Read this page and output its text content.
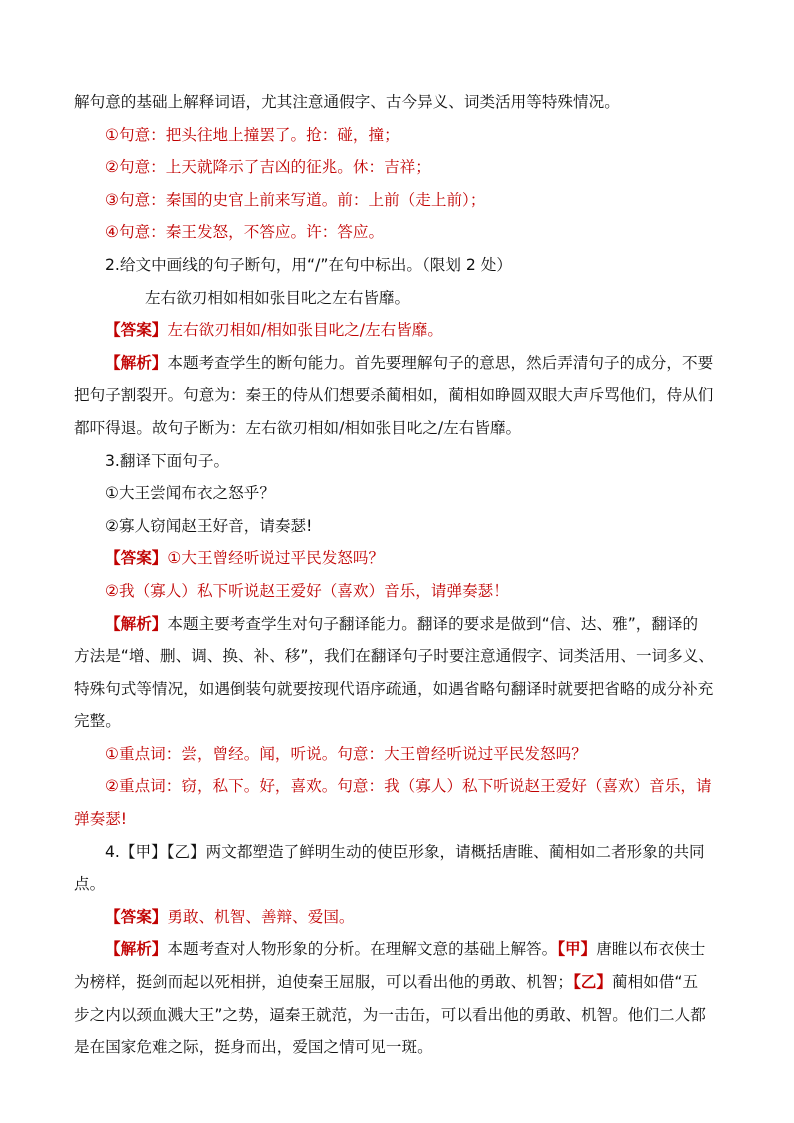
解句意的基础上解释词语，尤其注意通假字、古今异义、词类活用等特殊情况。
①句意：把头往地上撞罢了。抢：碰，撞；
②句意：上天就降示了吉凶的征兆。休：吉祥；
③句意：秦国的史官上前来写道。前：上前（走上前）；
④句意：秦王发怒，不答应。许：答应。
2.给文中画线的句子断句，用“/”在句中标出。（限划 2 处）
左右欲刃相如相如张目叱之左右皆靡。
【答案】左右欲刃相如/相如张目叱之/左右皆靡。
【解析】本题考查学生的断句能力。首先要理解句子的意思，然后弄清句子的成分，不要
把句子割裂开。句意为：秦王的侍从们想要杀蔺相如，蔺相如睁圆双眼大声斥骂他们，侍从们
都吓得退。故句子断为：左右欲刃相如/相如张目叱之/左右皆靡。
3.翻译下面句子。
①大王尝闻布衣之怒乎？
②寡人窃闻赵王好音，请奏瑟!
【答案】①大王曾经听说过平民发怒吗？
②我（寡人）私下听说赵王爱好（喜欢）音乐，请弹奏瑟！
【解析】本题主要考查学生对句子翻译能力。翻译的要求是做到“信、达、雅”，翻译的
方法是“增、删、调、换、补、移”，我们在翻译句子时要注意通假字、词类活用、一词多义、
特殊句式等情况，如遇倒装句就要按现代语序疏通，如遇省略句翻译时就要把省略的成分补充
完整。
①重点词：尝，曾经。闻，听说。句意：大王曾经听说过平民发怒吗？
②重点词：窃，私下。好，喜欢。句意：我（寡人）私下听说赵王爱好（喜欢）音乐，请
弹奏瑟!
4.【甲】【乙】两文都塑造了鲜明生动的使臣形象，请概括唐睢、蔺相如二者形象的共同
点。
【答案】勇敢、机智、善辩、爱国。
【解析】本题考查对人物形象的分析。在理解文意的基础上解答。【甲】唐睢以布衣侠士
为榜样，挺剑而起以死相拼，迫使秦王屈服，可以看出他的勇敢、机智；【乙】蔺相如借“五
步之内以颈血溅大王”之势，逼秦王就范，为一击缶，可以看出他的勇敢、机智。他们二人都
是在国家危难之际，挺身而出，爱国之情可见一斑。
